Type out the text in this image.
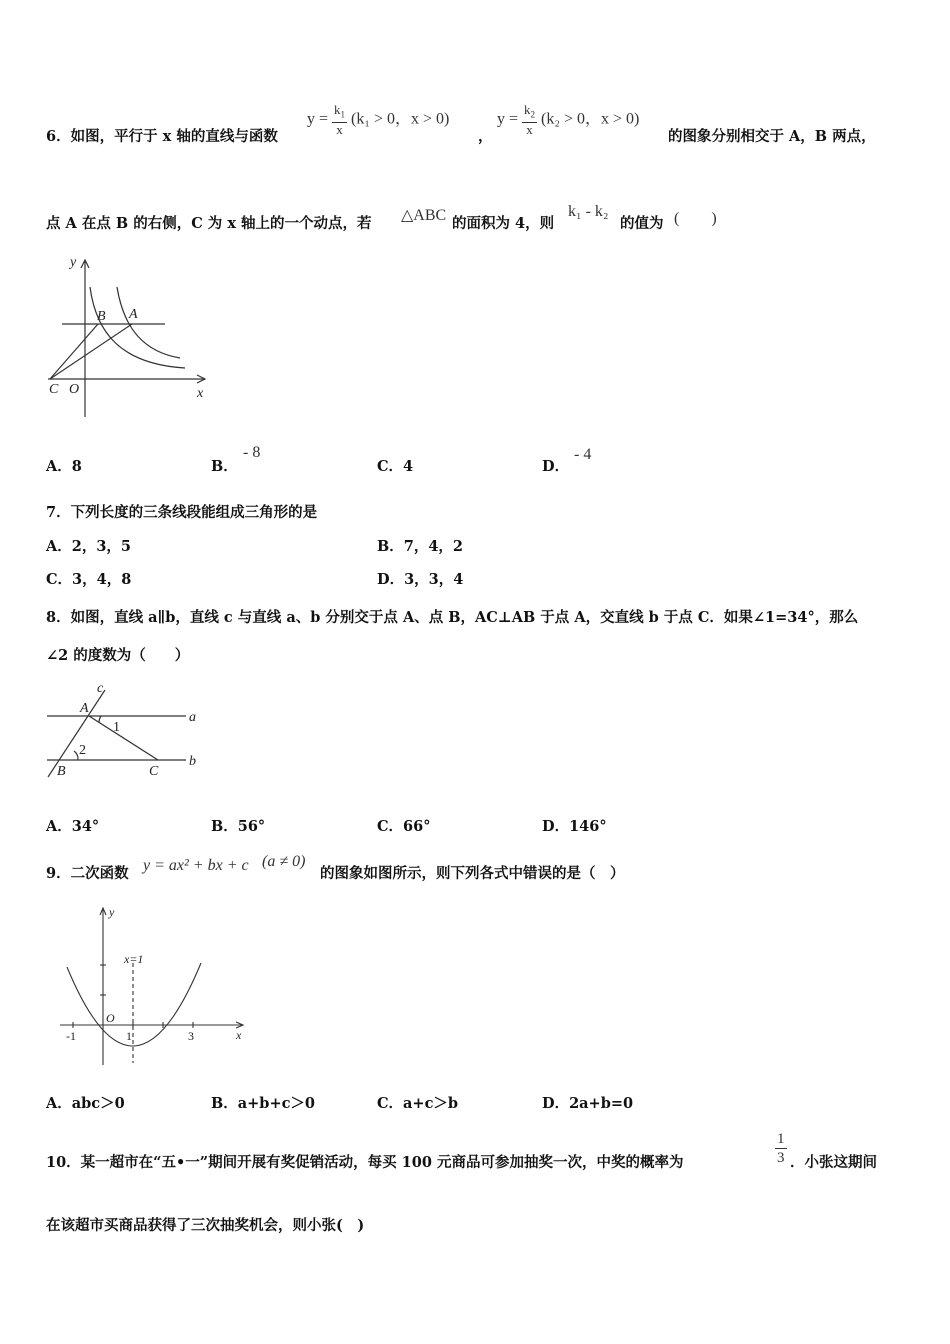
6．如图，平行于 x 轴的直线与函数
$y = \frac{k_1}{x} (k_1 > 0$，x > 0)
，
$y = \frac{k_2}{x} (k_2 > 0$，x > 0)
的图象分别相交于 A，B 两点，
点 A 在点 B 的右侧，C 为 x 轴上的一个动点，若 △ABC 的面积为 4，则
k₁ - k₂
的值为 (　　)
y
x
B A
C O
A．8	B．
- 8
C．4	D．
- 4
7．下列长度的三条线段能组成三角形的是
A．2，3，5	B．7，4，2
C．3，4，8	D．3，3，4
8．如图，直线 a∥b，直线 c 与直线 a、b 分别交于点 A、点 B，AC⊥AB 于点 A，交直线 b 于点 C．如果∠1=34°，那么
∠2 的度数为（　　）
c
A
1
a
2
B	C
b
A．34°	B．56°	C．66°	D．146°
9．二次函数 y = ax² + bx + c (a ≠ 0)
的图象如图所示，则下列各式中错误的是（　）
y
x=1
O
-1	1	3	x
A．abc＞0	B．a+b+c＞0	C．a+c＞b	D．2a+b=0
10．某一超市在“五•一”期间开展有奖促销活动，每买 100 元商品可参加抽奖一次，中奖的概率为	$\frac{1}{3}$ ．小张这期间
在该超市买商品获得了三次抽奖机会，则小张(　)
